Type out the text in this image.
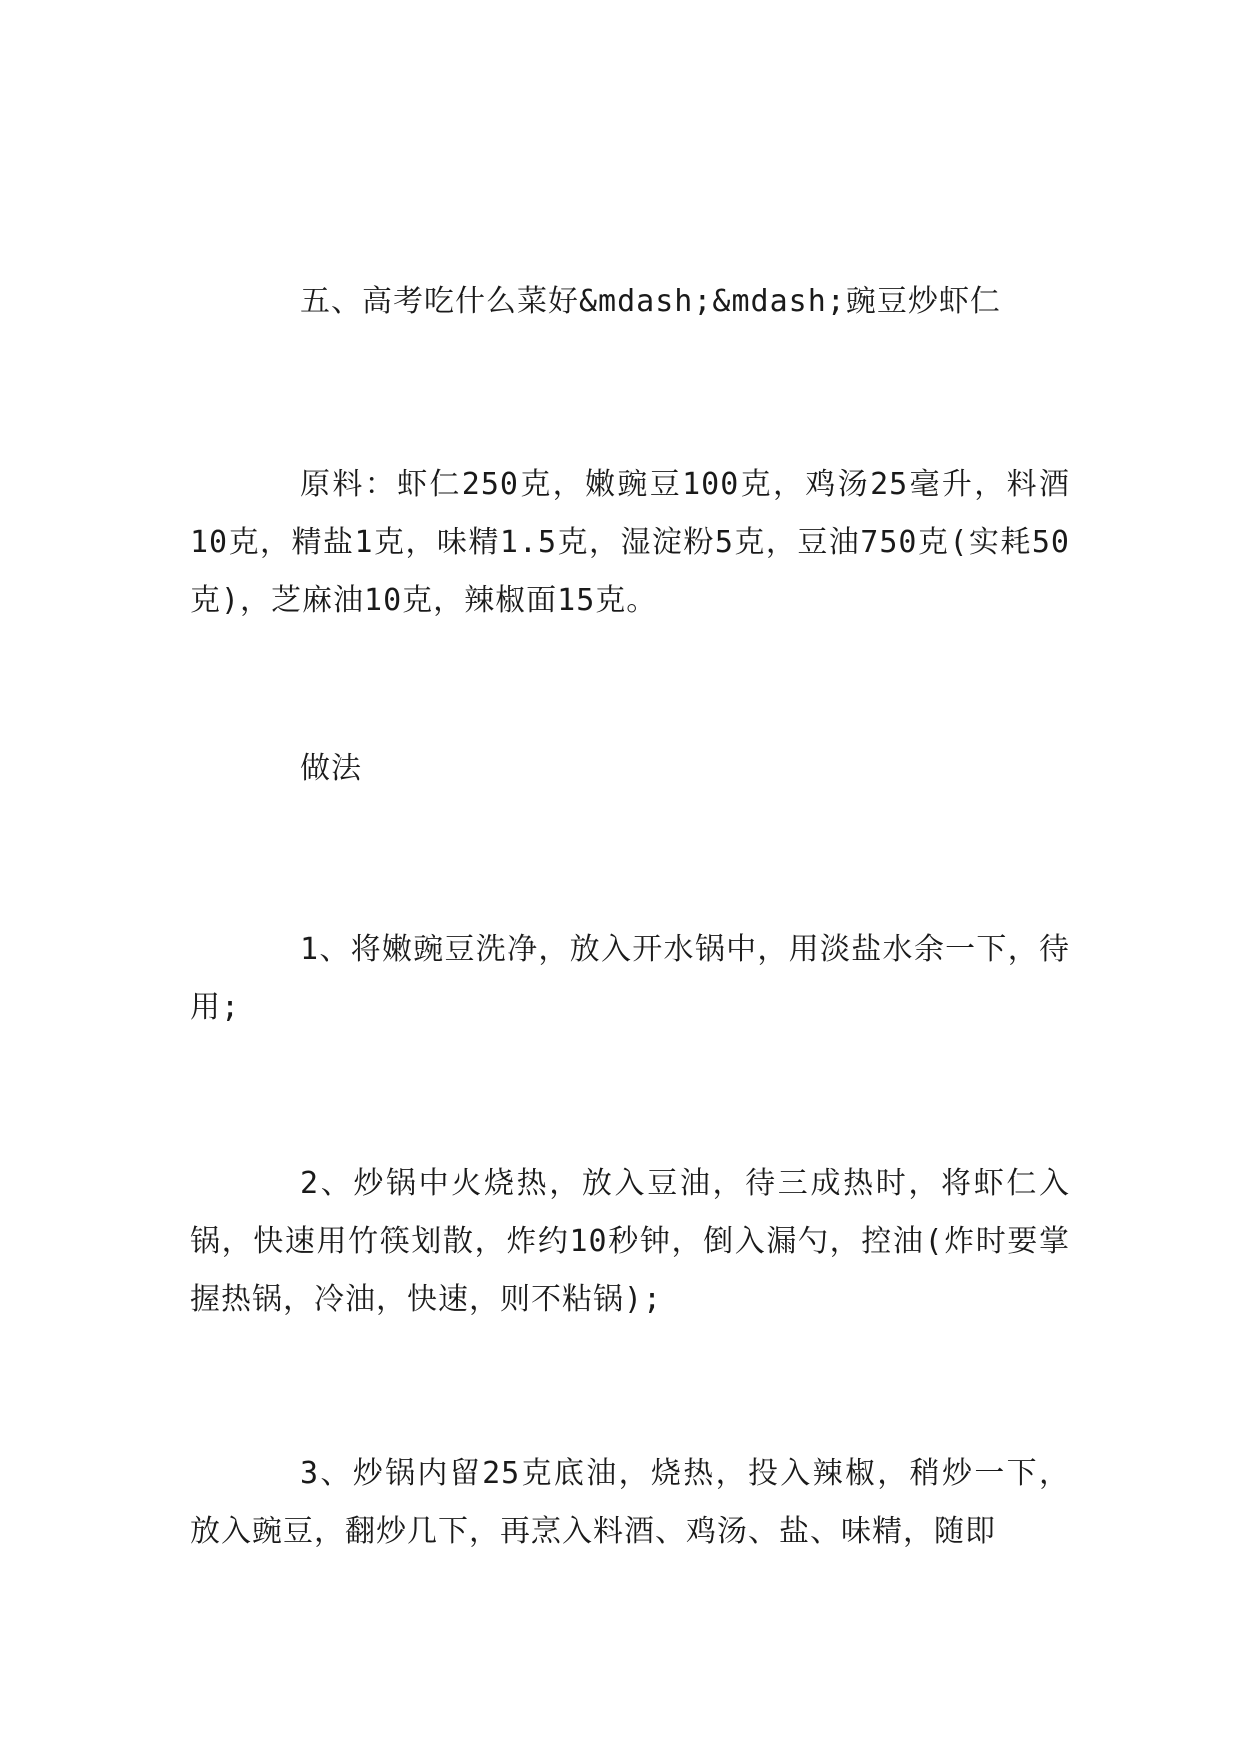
五、高考吃什么菜好&mdash;&mdash;豌豆炒虾仁

原料：虾仁250克，嫩豌豆100克，鸡汤25毫升，料酒10克，精盐1克，味精1.5克，湿淀粉5克，豆油750克(实耗50克)，芝麻油10克，辣椒面15克。

做法

1、将嫩豌豆洗净，放入开水锅中，用淡盐水余一下，待用;

2、炒锅中火烧热，放入豆油，待三成热时，将虾仁入锅，快速用竹筷划散，炸约10秒钟，倒入漏勺，控油(炸时要掌握热锅，冷油，快速，则不粘锅);

3、炒锅内留25克底油，烧热，投入辣椒，稍炒一下，放入豌豆，翻炒几下，再烹入料酒、鸡汤、盐、味精，随即
